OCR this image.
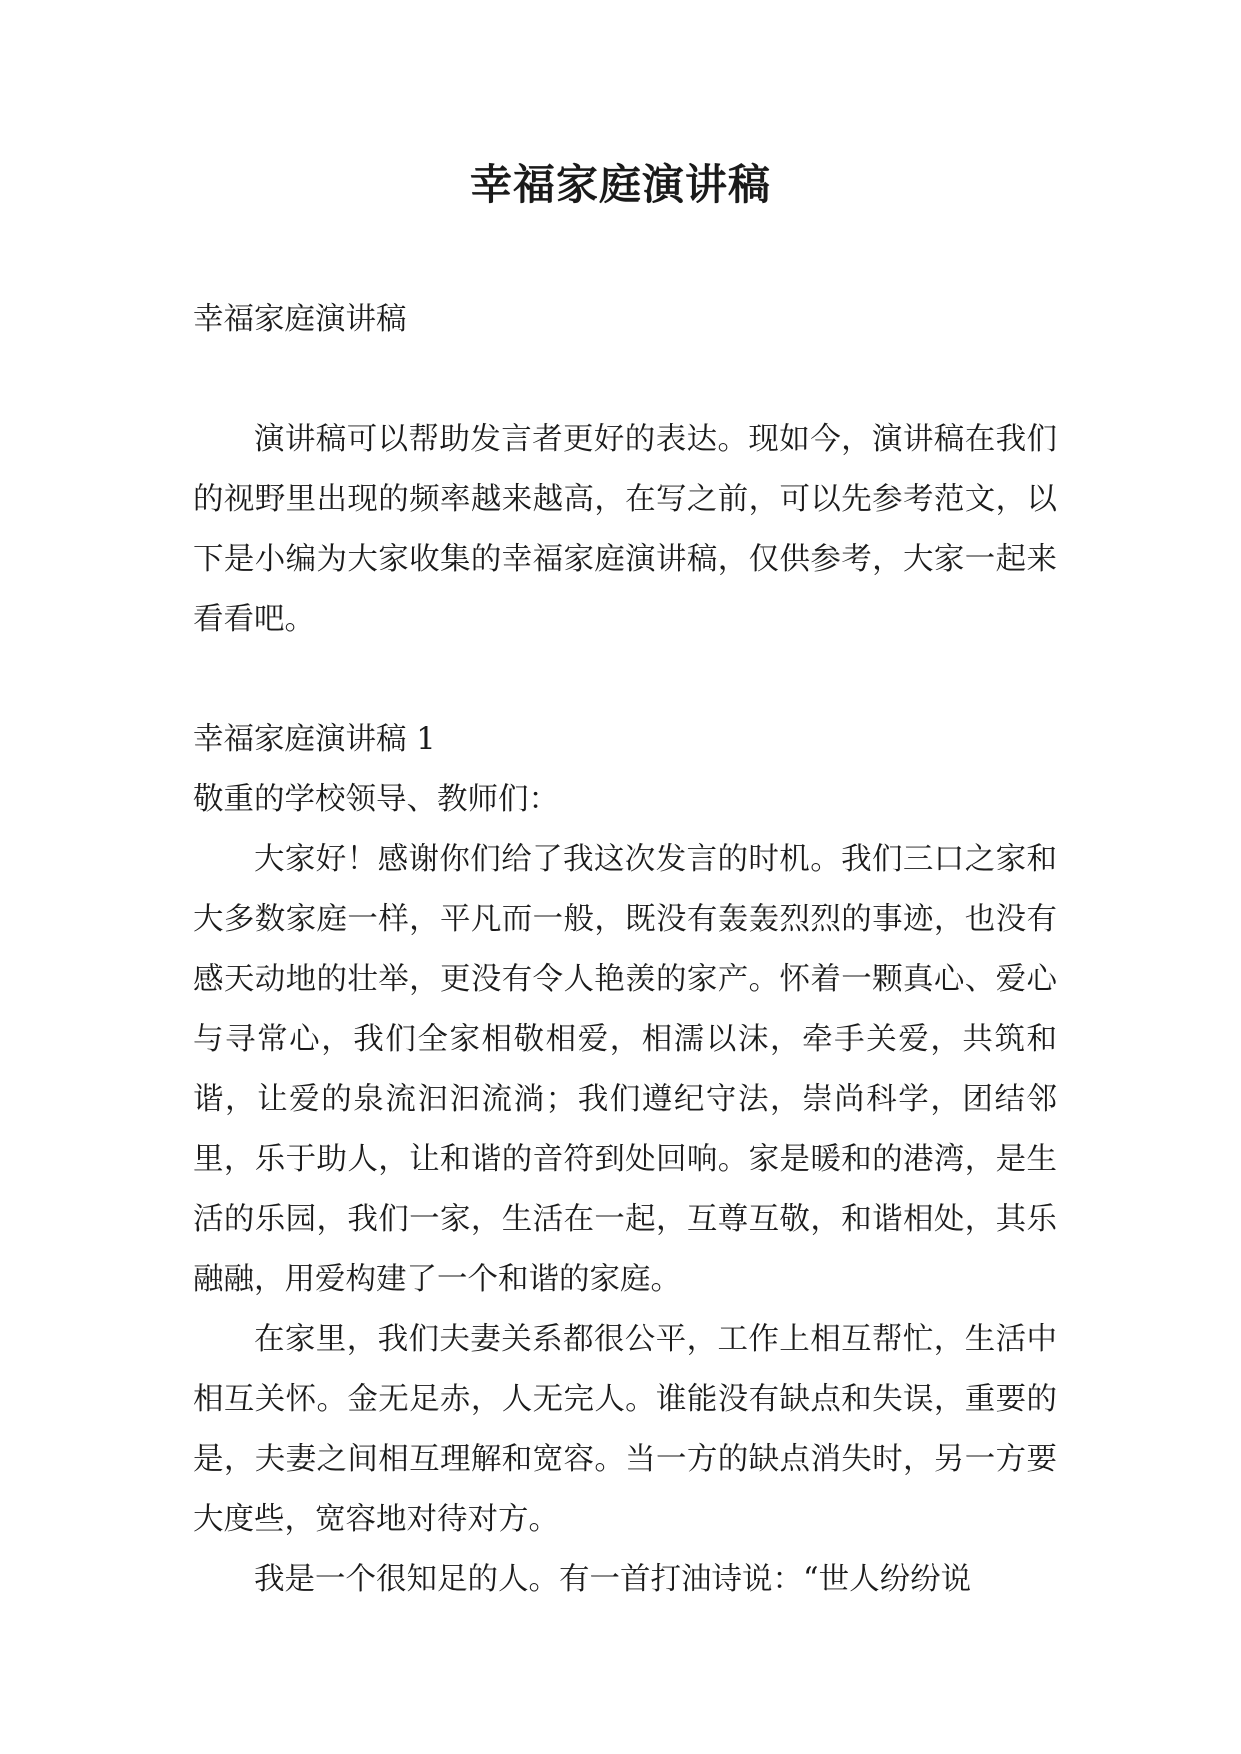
幸福家庭演讲稿

幸福家庭演讲稿

演讲稿可以帮助发言者更好的表达。现如今，演讲稿在我们的视野里出现的频率越来越高，在写之前，可以先参考范文，以下是小编为大家收集的幸福家庭演讲稿，仅供参考，大家一起来看看吧。

幸福家庭演讲稿 1

敬重的学校领导、教师们：

大家好！感谢你们给了我这次发言的时机。我们三口之家和大多数家庭一样，平凡而一般，既没有轰轰烈烈的事迹，也没有感天动地的壮举，更没有令人艳羡的家产。怀着一颗真心、爱心与寻常心，我们全家相敬相爱，相濡以沫，牵手关爱，共筑和谐，让爱的泉流汩汩流淌；我们遵纪守法，崇尚科学，团结邻里，乐于助人，让和谐的音符到处回响。家是暖和的港湾，是生活的乐园，我们一家，生活在一起，互尊互敬，和谐相处，其乐融融，用爱构建了一个和谐的家庭。

在家里，我们夫妻关系都很公平，工作上相互帮忙，生活中相互关怀。金无足赤，人无完人。谁能没有缺点和失误，重要的是，夫妻之间相互理解和宽容。当一方的缺点消失时，另一方要大度些，宽容地对待对方。

我是一个很知足的人。有一首打油诗说：“世人纷纷说
